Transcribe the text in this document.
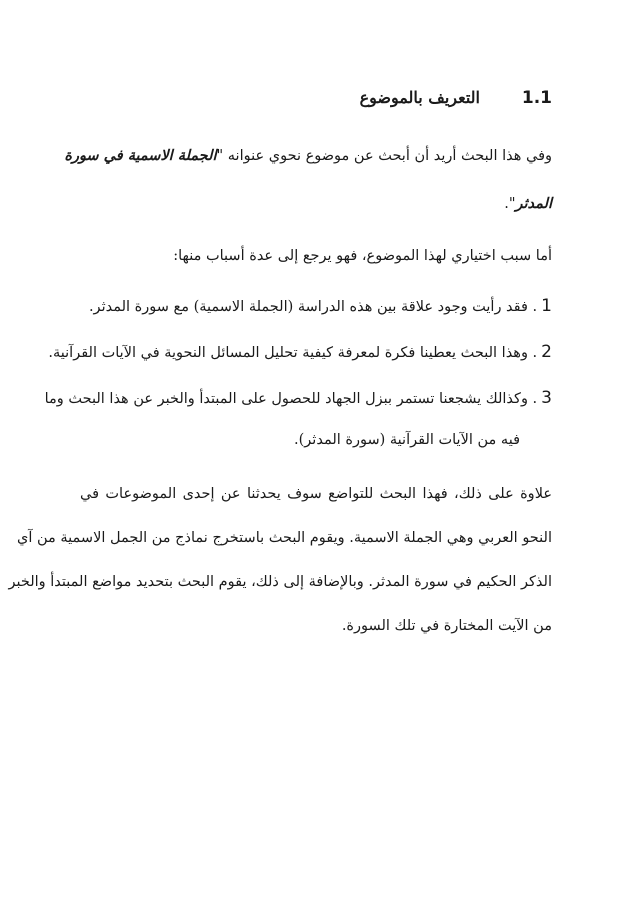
1.1
التعريف بالموضوع
وفي هذا البحث أريد أن أبحث عن موضوع نحوي عنوانه "الجملة الاسمية في سورة
المدثر".
أما سبب اختياري لهذا الموضوع، فهو يرجع إلى عدة أسباب منها:
1. فقد رأيت وجود علاقة بين هذه الدراسة (الجملة الاسمية) مع سورة المدثر.
2. وهذا البحث يعطينا فكرة لمعرفة كيفية تحليل المسائل النحوية في الآيات القرآنية.
3. وكذالك يشجعنا تستمر ببزل الجهاد للحصول على المبتدأ والخبر عن هذا البحث وما
فيه من الآيات القرآنية (سورة المدثر).
علاوة على ذلك، فهذا البحث للتواضع سوف يحدثنا عن إحدى الموضوعات في
النحو العربي وهي الجملة الاسمية. ويقوم البحث باستخرج نماذج من الجمل الاسمية من آي
الذكر الحكيم في سورة المدثر. وبالإضافة إلى ذلك، يقوم البحث بتحديد مواضع المبتدأ والخبر
من الآيت المختارة في تلك السورة.
